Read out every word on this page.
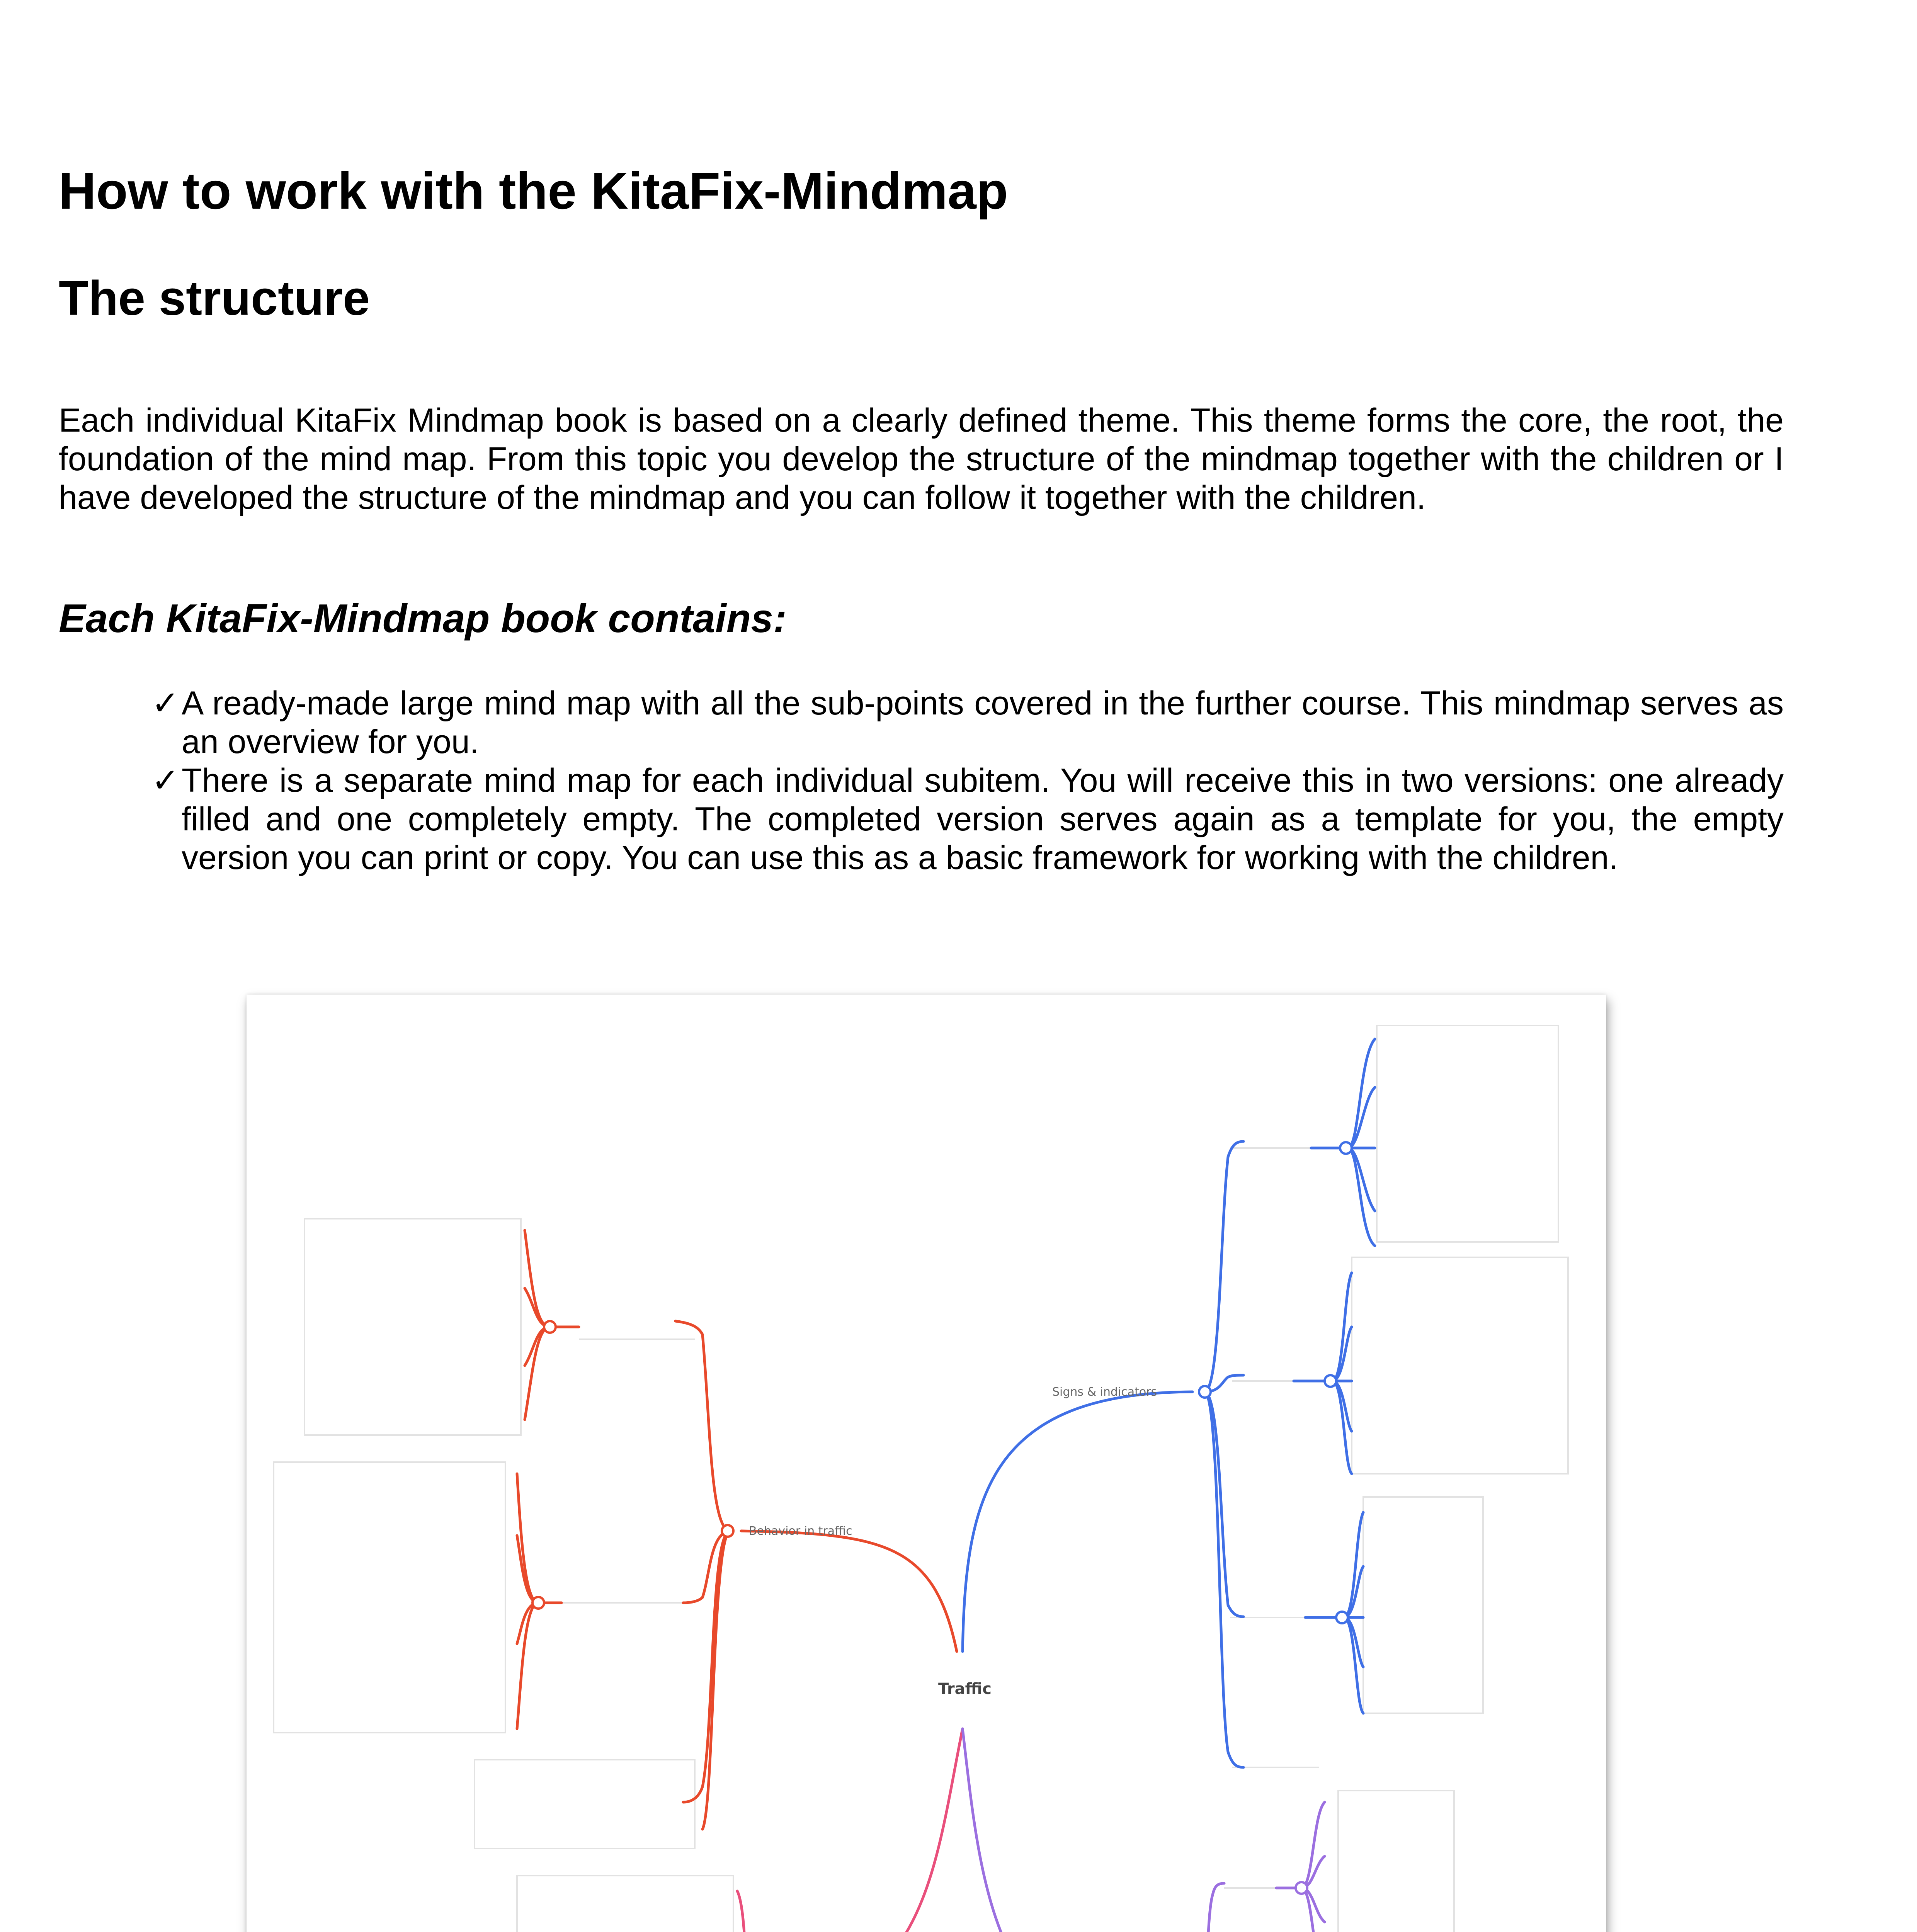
How to work with the KitaFix-Mindmap
The structure

Each individual KitaFix Mindmap book is based on a clearly defined theme. This theme forms the core, the root, the foundation of the mind map. From this topic you develop the structure of the mindmap together with the children or I have developed the structure of the mindmap and you can follow it together with the children.

Each KitaFix-Mindmap book contains:
✓ A ready-made large mind map with all the sub-points covered in the further course. This mindmap serves as an overview for you.
✓ There is a separate mind map for each individual subitem. You will receive this in two versions: one already filled and one completely empty. The completed version serves again as a template for you, the empty version you can print or copy. You can use this as a basic framework for working with the children.
Traffic
Behavior in traffic
Signs & indicators
